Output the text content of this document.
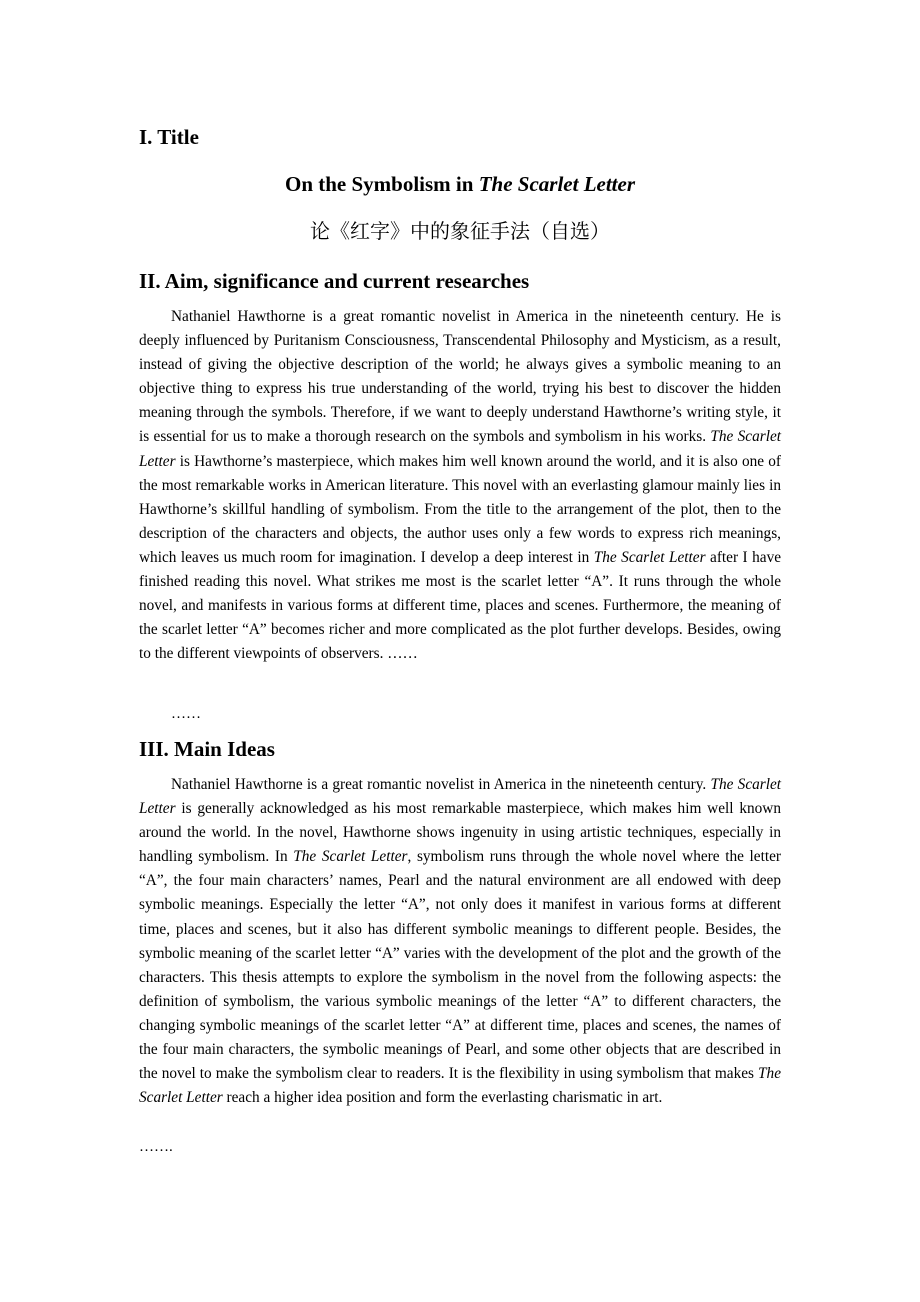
I. Title

On the Symbolism in The Scarlet Letter

论《红字》中的象征手法（自选）

II. Aim, significance and current researches

Nathaniel Hawthorne is a great romantic novelist in America in the nineteenth century. He is deeply influenced by Puritanism Consciousness, Transcendental Philosophy and Mysticism, as a result, instead of giving the objective description of the world; he always gives a symbolic meaning to an objective thing to express his true understanding of the world, trying his best to discover the hidden meaning through the symbols. Therefore, if we want to deeply understand Hawthorne’s writing style, it is essential for us to make a thorough research on the symbols and symbolism in his works. The Scarlet Letter is Hawthorne’s masterpiece, which makes him well known around the world, and it is also one of the most remarkable works in American literature. This novel with an everlasting glamour mainly lies in Hawthorne’s skillful handling of symbolism. From the title to the arrangement of the plot, then to the description of the characters and objects, the author uses only a few words to express rich meanings, which leaves us much room for imagination. I develop a deep interest in The Scarlet Letter after I have finished reading this novel. What strikes me most is the scarlet letter “A”. It runs through the whole novel, and manifests in various forms at different time, places and scenes. Furthermore, the meaning of the scarlet letter “A” becomes richer and more complicated as the plot further develops. Besides, owing to the different viewpoints of observers. ……

……

III. Main Ideas

Nathaniel Hawthorne is a great romantic novelist in America in the nineteenth century. The Scarlet Letter is generally acknowledged as his most remarkable masterpiece, which makes him well known around the world. In the novel, Hawthorne shows ingenuity in using artistic techniques, especially in handling symbolism. In The Scarlet Letter, symbolism runs through the whole novel where the letter “A”, the four main characters’ names, Pearl and the natural environment are all endowed with deep symbolic meanings. Especially the letter “A”, not only does it manifest in various forms at different time, places and scenes, but it also has different symbolic meanings to different people. Besides, the symbolic meaning of the scarlet letter “A” varies with the development of the plot and the growth of the characters. This thesis attempts to explore the symbolism in the novel from the following aspects: the definition of symbolism, the various symbolic meanings of the letter “A” to different characters, the changing symbolic meanings of the scarlet letter “A” at different time, places and scenes, the names of the four main characters, the symbolic meanings of Pearl, and some other objects that are described in the novel to make the symbolism clear to readers. It is the flexibility in using symbolism that makes The Scarlet Letter reach a higher idea position and form the everlasting charismatic in art.

…….
